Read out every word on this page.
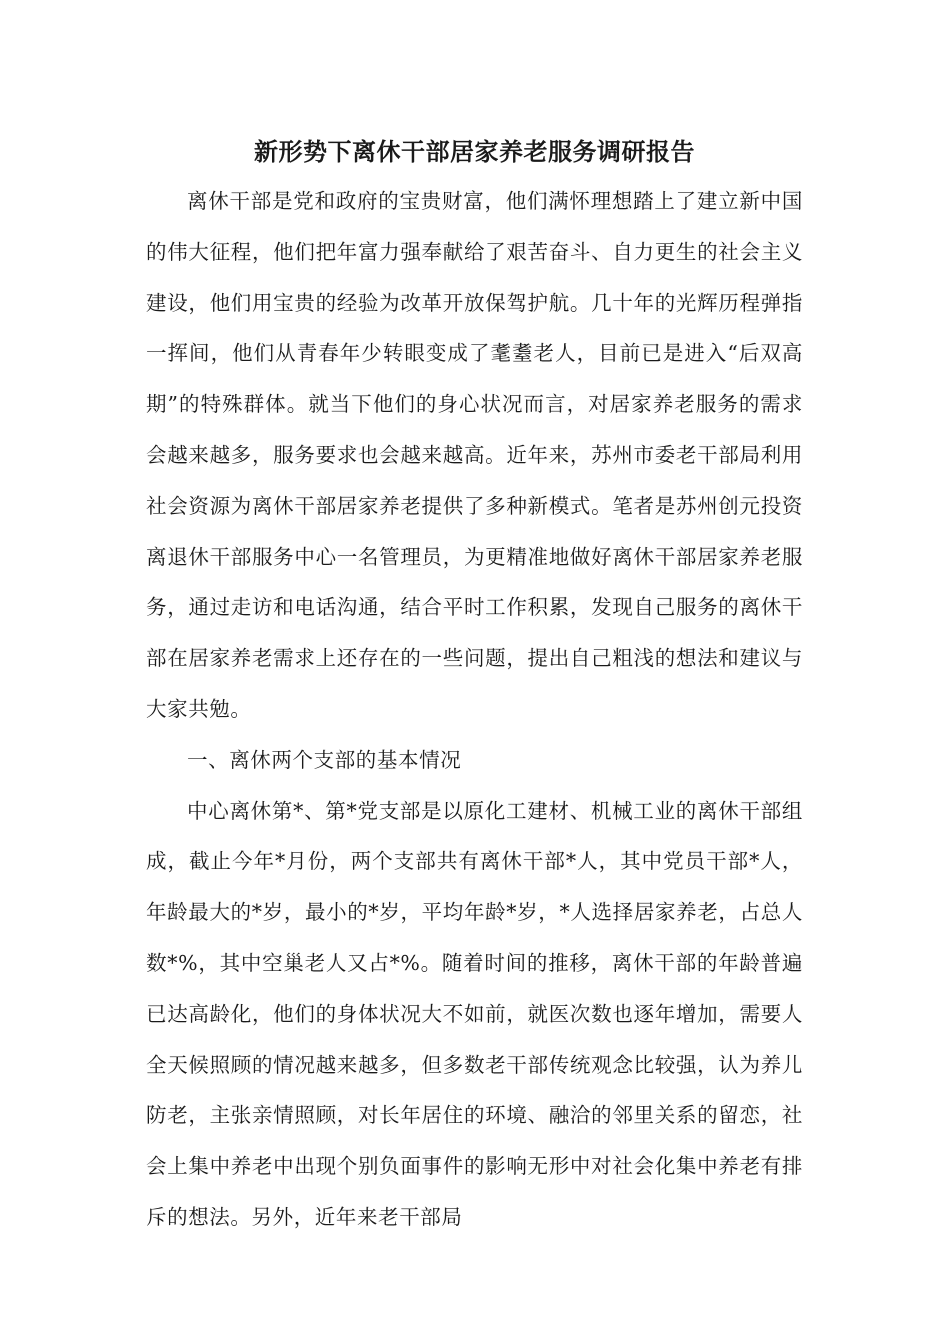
新形势下离休干部居家养老服务调研报告

离休干部是党和政府的宝贵财富，他们满怀理想踏上了建立新中国的伟大征程，他们把年富力强奉献给了艰苦奋斗、自力更生的社会主义建设，他们用宝贵的经验为改革开放保驾护航。几十年的光辉历程弹指一挥间，他们从青春年少转眼变成了耄耋老人，目前已是进入“后双高期”的特殊群体。就当下他们的身心状况而言，对居家养老服务的需求会越来越多，服务要求也会越来越高。近年来，苏州市委老干部局利用社会资源为离休干部居家养老提供了多种新模式。笔者是苏州创元投资离退休干部服务中心一名管理员，为更精准地做好离休干部居家养老服务，通过走访和电话沟通，结合平时工作积累，发现自己服务的离休干部在居家养老需求上还存在的一些问题，提出自己粗浅的想法和建议与大家共勉。

一、离休两个支部的基本情况

中心离休第*、第*党支部是以原化工建材、机械工业的离休干部组成，截止今年*月份，两个支部共有离休干部*人，其中党员干部*人，年龄最大的*岁，最小的*岁，平均年龄*岁，*人选择居家养老，占总人数*%，其中空巢老人又占*%。随着时间的推移，离休干部的年龄普遍已达高龄化，他们的身体状况大不如前，就医次数也逐年增加，需要人全天候照顾的情况越来越多，但多数老干部传统观念比较强，认为养儿防老，主张亲情照顾，对长年居住的环境、融洽的邻里关系的留恋，社会上集中养老中出现个别负面事件的影响无形中对社会化集中养老有排斥的想法。另外，近年来老干部局
